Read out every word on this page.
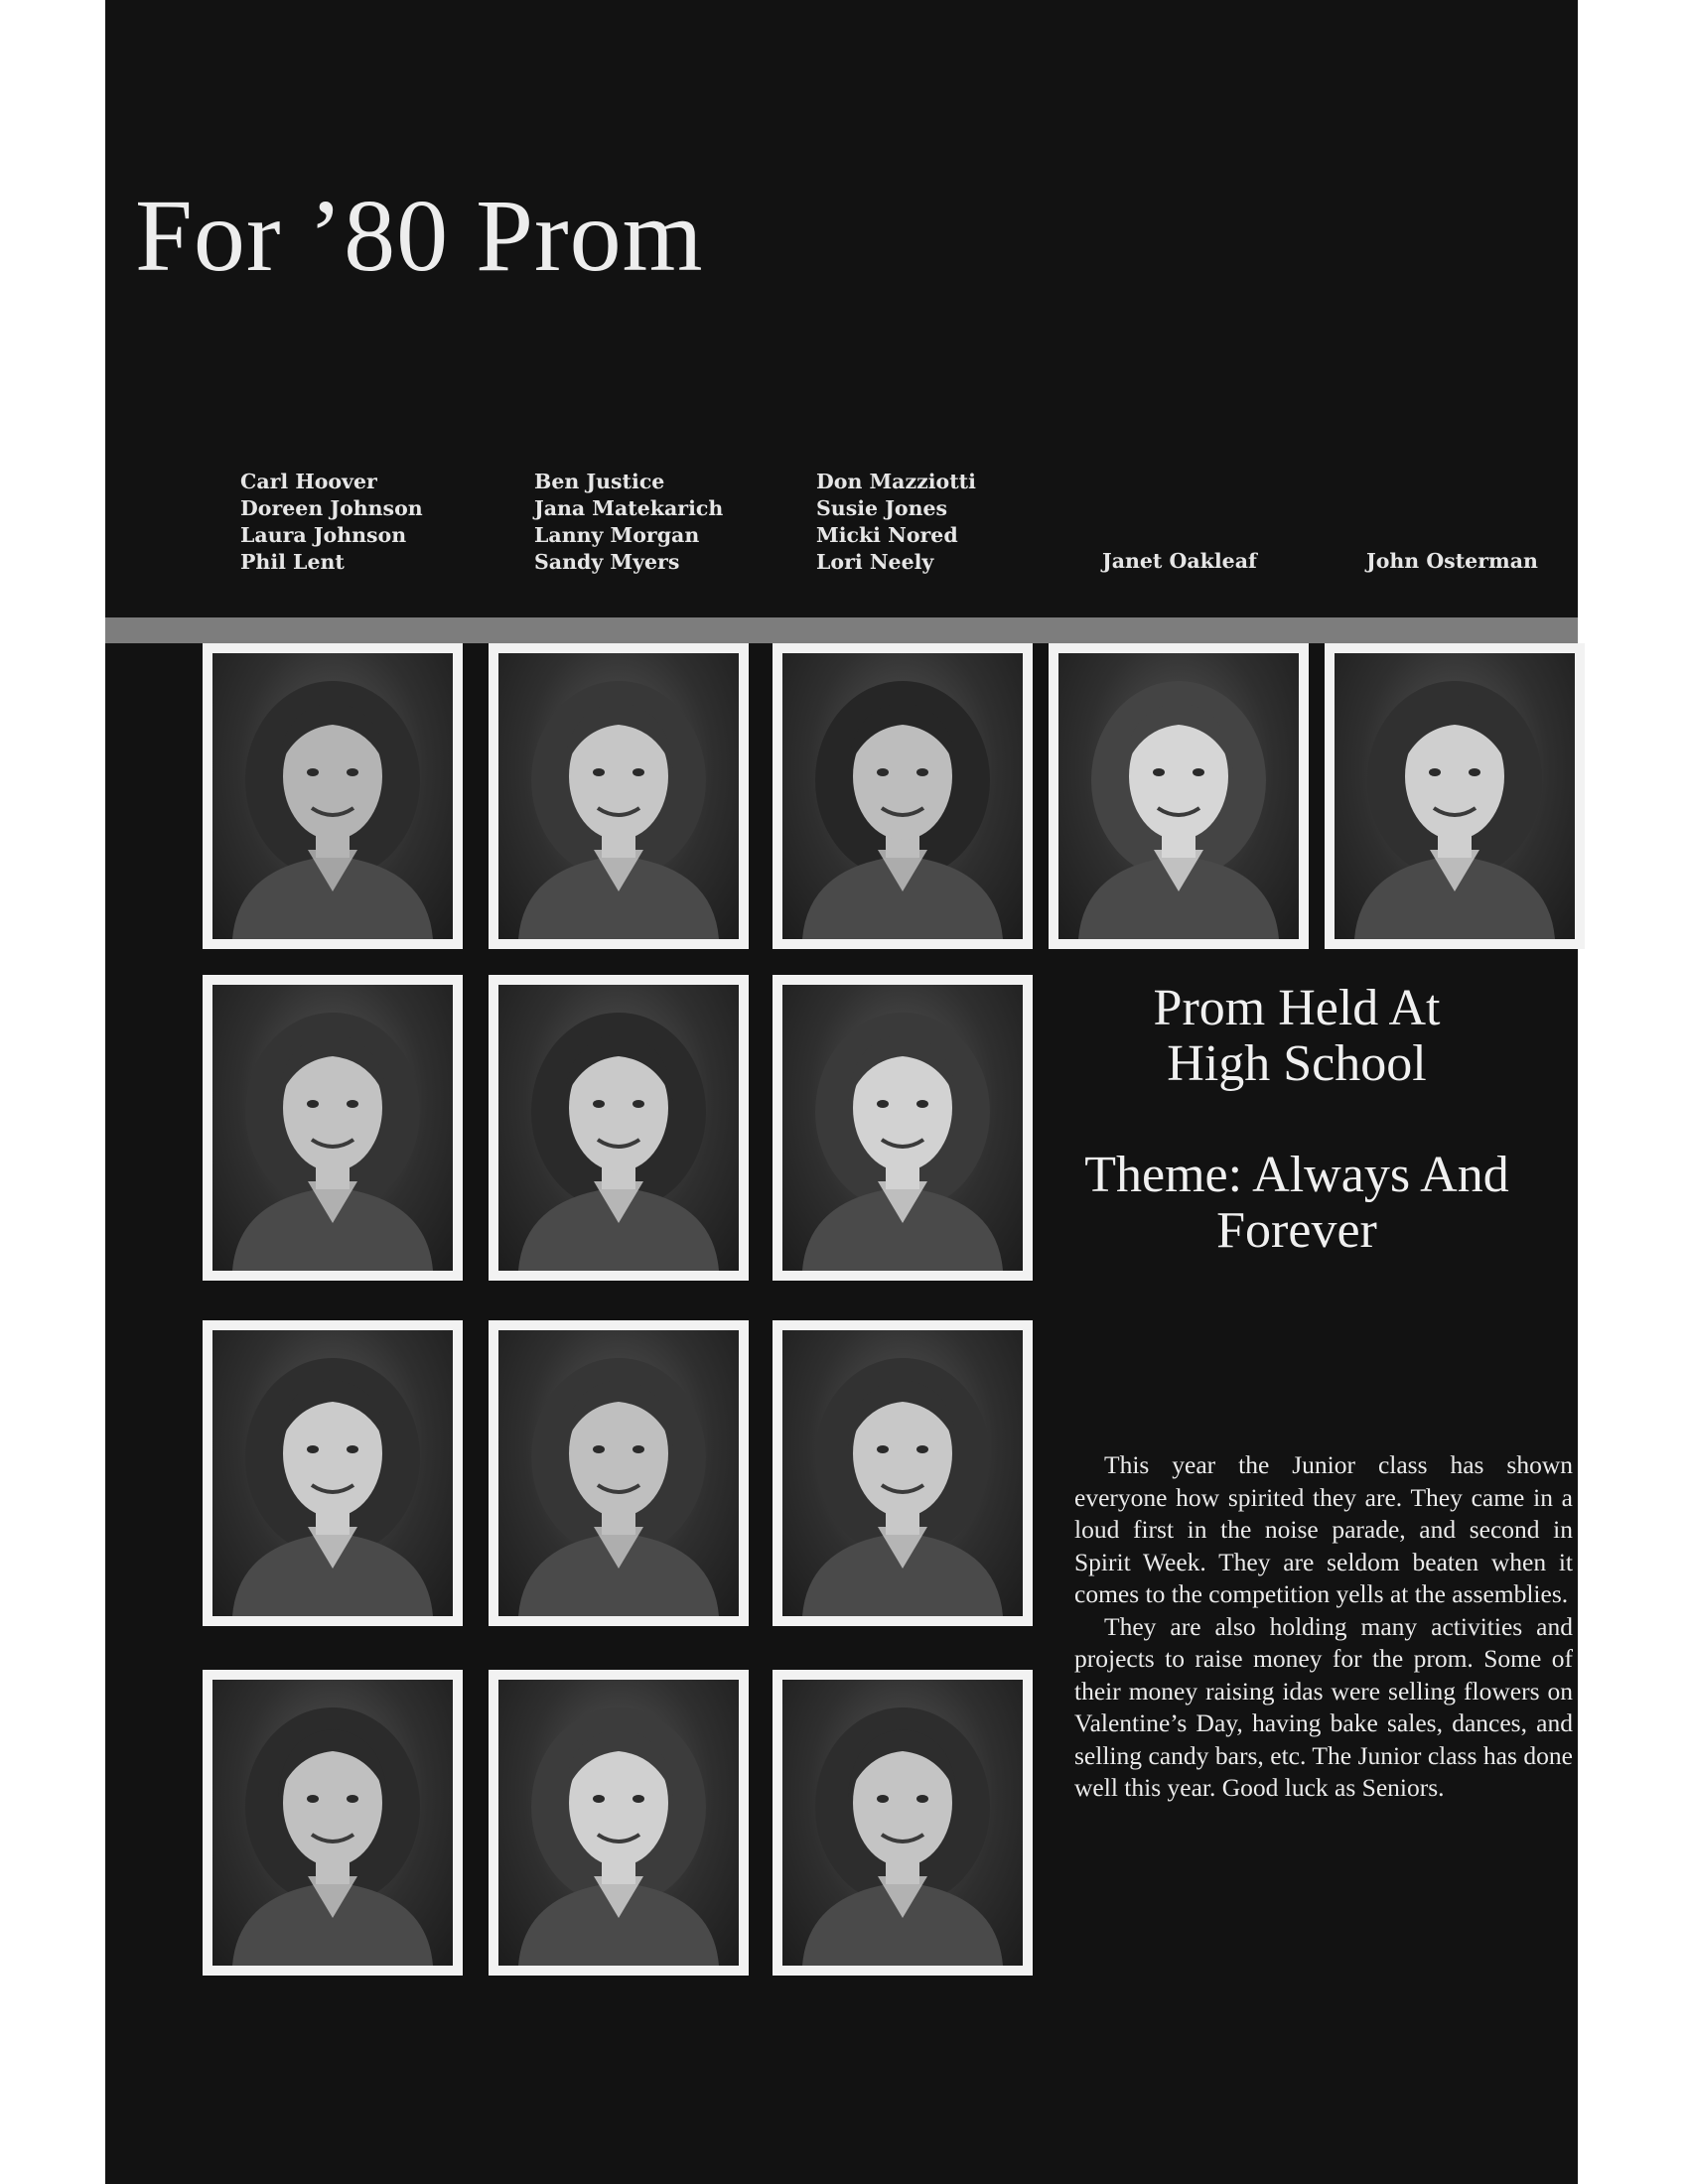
For ’80 Prom
Carl Hoover
Doreen Johnson
Laura Johnson
Phil Lent
Ben Justice
Jana Matekarich
Lanny Morgan
Sandy Myers
Don Mazziotti
Susie Jones
Micki Nored
Lori Neely	Janet Oakleaf	John Osterman
Prom Held At
High School
Theme: Always And
Forever

This year the Junior class has shown everyone how spirited they are. They came in a loud first in the noise parade, and second in Spirit Week. They are seldom beaten when it comes to the competition yells at the assemblies.

They are also holding many activities and projects to raise money for the prom. Some of their money raising idas were selling flowers on Valentine’s Day, having bake sales, dances, and selling candy bars, etc. The Junior class has done well this year. Good luck as Seniors.
